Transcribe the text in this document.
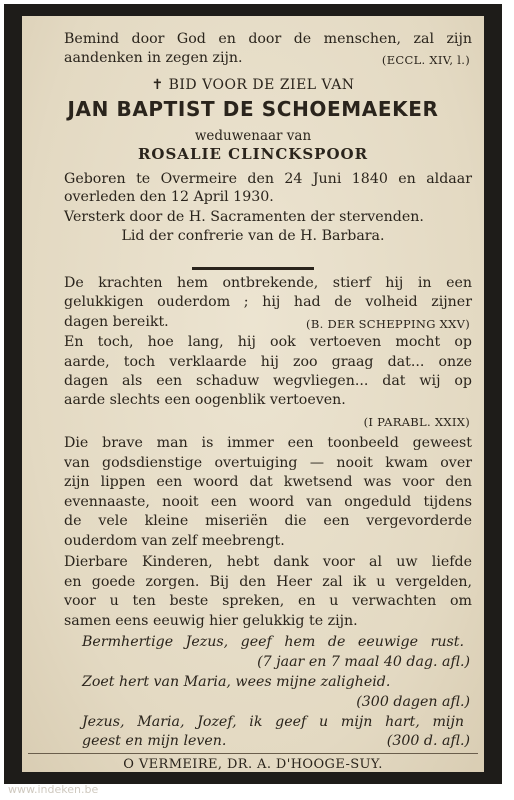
Bemind door God en door de menschen, zal zijn
aandenken in zegen zijn.	(ECCL. XIV, l.)
✝ BID VOOR DE ZIEL VAN
JAN BAPTIST DE SCHOEMAEKER
weduwenaar van
ROSALIE CLINCKSPOOR
Geboren te Overmeire den 24 Juni 1840 en aldaar
overleden den 12 April 1930.
Versterk door de H. Sacramenten der stervenden.
Lid der confrerie van de H. Barbara.
De krachten hem ontbrekende, stierf hij in een
gelukkigen ouderdom ; hij had de volheid zijner
dagen bereikt.	(B. DER SCHEPPING XXV)
En toch, hoe lang, hij ook vertoeven mocht op
aarde, toch verklaarde hij zoo graag dat... onze
dagen als een schaduw wegvliegen... dat wij op
aarde slechts een oogenblik vertoeven.
(I PARABL. XXIX)
Die brave man is immer een toonbeeld geweest
van godsdienstige overtuiging — nooit kwam over
zijn lippen een woord dat kwetsend was voor den
evennaaste, nooit een woord van ongeduld tijdens
de vele kleine miseriën die een vergevorderde
ouderdom van zelf meebrengt.
Dierbare Kinderen, hebt dank voor al uw liefde
en goede zorgen. Bij den Heer zal ik u vergelden,
voor u ten beste spreken, en u verwachten om
samen eens eeuwig hier gelukkig te zijn.
Bermhertige Jezus, geef hem de eeuwige rust.
(7 jaar en 7 maal 40 dag. afl.)
Zoet hert van Maria, wees mijne zaligheid.
(300 dagen afl.)
Jezus, Maria, Jozef, ik geef u mijn hart, mijn
geest en mijn leven.	(300 d. afl.)
O VERMEIRE, DR. A. D'HOOGE-SUY.
www.indeken.be
